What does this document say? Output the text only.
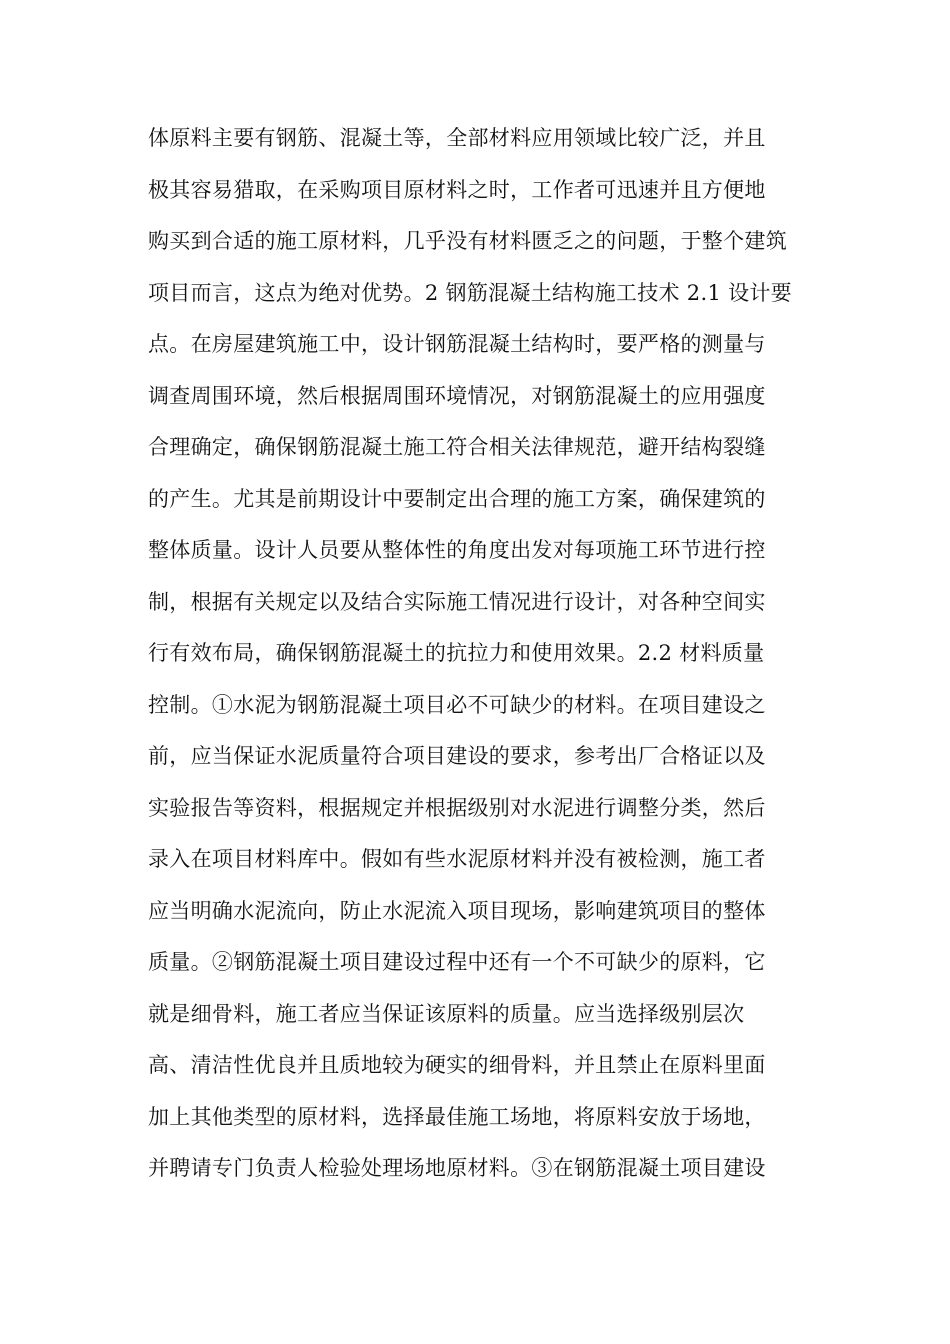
体原料主要有钢筋、混凝土等，全部材料应用领域比较广泛，并且
极其容易猎取，在采购项目原材料之时，工作者可迅速并且方便地
购买到合适的施工原材料，几乎没有材料匮乏之的问题，于整个建筑
项目而言，这点为绝对优势。2 钢筋混凝土结构施工技术 2.1 设计要
点。在房屋建筑施工中，设计钢筋混凝土结构时，要严格的测量与
调查周围环境，然后根据周围环境情况，对钢筋混凝土的应用强度
合理确定，确保钢筋混凝土施工符合相关法律规范，避开结构裂缝
的产生。尤其是前期设计中要制定出合理的施工方案，确保建筑的
整体质量。设计人员要从整体性的角度出发对每项施工环节进行控
制，根据有关规定以及结合实际施工情况进行设计，对各种空间实
行有效布局，确保钢筋混凝土的抗拉力和使用效果。2.2 材料质量
控制。①水泥为钢筋混凝土项目必不可缺少的材料。在项目建设之
前，应当保证水泥质量符合项目建设的要求，参考出厂合格证以及
实验报告等资料，根据规定并根据级别对水泥进行调整分类，然后
录入在项目材料库中。假如有些水泥原材料并没有被检测，施工者
应当明确水泥流向，防止水泥流入项目现场，影响建筑项目的整体
质量。②钢筋混凝土项目建设过程中还有一个不可缺少的原料，它
就是细骨料，施工者应当保证该原料的质量。应当选择级别层次
高、清洁性优良并且质地较为硬实的细骨料，并且禁止在原料里面
加上其他类型的原材料，选择最佳施工场地，将原料安放于场地，
并聘请专门负责人检验处理场地原材料。③在钢筋混凝土项目建设
